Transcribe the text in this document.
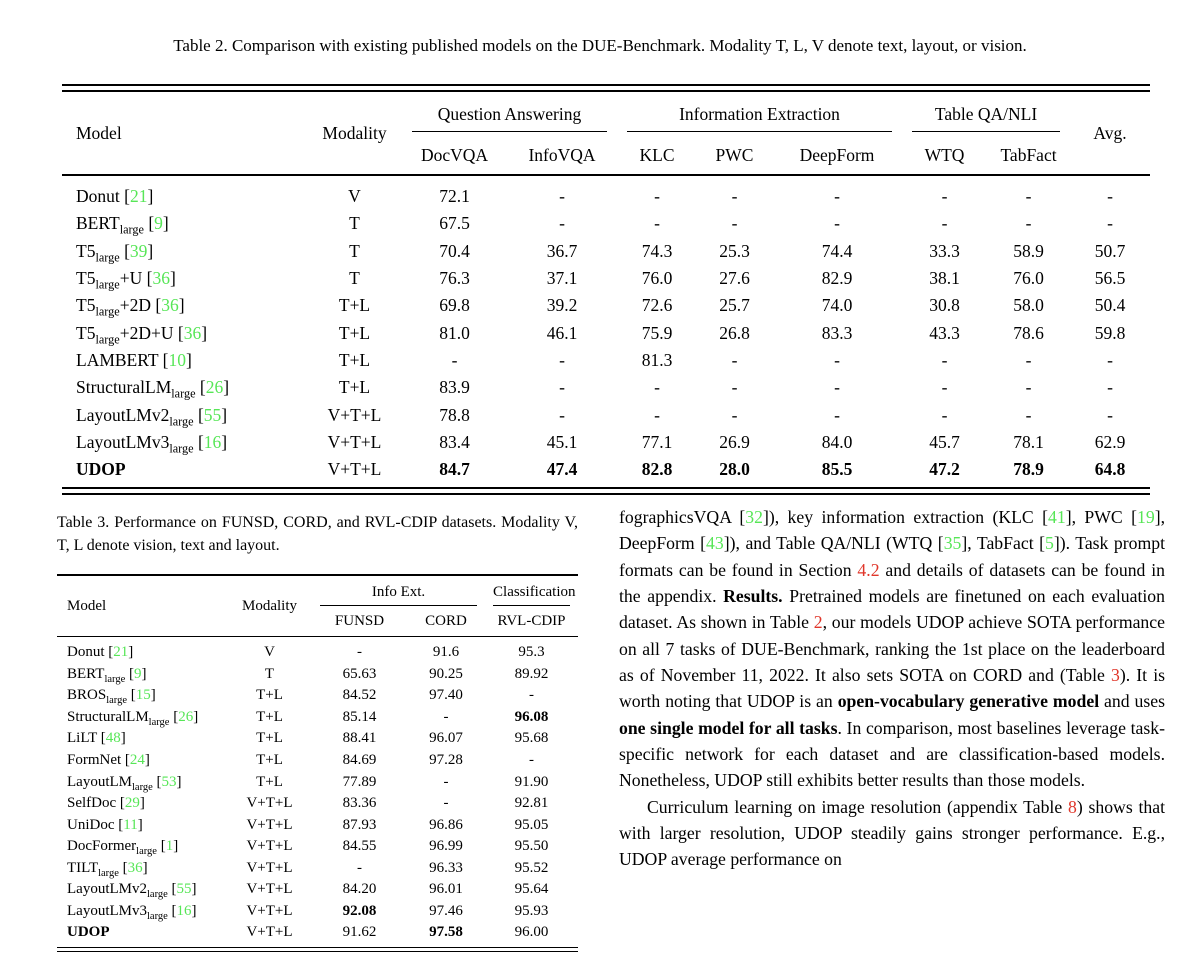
Table 2. Comparison with existing published models on the DUE-Benchmark. Modality T, L, V denote text, layout, or vision.
Model	Modality	Question Answering		Information Extraction			Table QA/NLI		Avg.
		DocVQA	InfoVQA	KLC	PWC	DeepForm	WTQ	TabFact	
Donut [21]	V	72.1	-	-	-	-	-	-	-
$BERT_{large}$ [9]	T	67.5	-	-	-	-	-	-	-
$T5_{large}$ [39]	T	70.4	36.7	74.3	25.3	74.4	33.3	58.9	50.7
$T5_{large}+U$ [36]	T	76.3	37.1	76.0	27.6	82.9	38.1	76.0	56.5
$T5_{large}+2D$ [36]	T+L	69.8	39.2	72.6	25.7	74.0	30.8	58.0	50.4
$T5_{large}+2D+U$ [36]	T+L	81.0	46.1	75.9	26.8	83.3	43.3	78.6	59.8
LAMBERT [10]	T+L	-	-	81.3	-	-	-	-	-
StructuralLM$_{large}$ [26]	T+L	83.9	-	-	-	-	-	-	-
$LayoutLMv2_{large}$ [55]	V+T+L	78.8	-	-	-	-	-	-	-
$LayoutLMv3_{large}$ [16]	V+T+L	83.4	45.1	77.1	26.9	84.0	45.7	78.1	62.9
UDOP	V+T+L	84.7	47.4	82.8	28.0	85.5	47.2	78.9	64.8
Table 3. Performance on FUNSD, CORD, and RVL-CDIP datasets. Modality V, T, L denote vision, text and layout.
Model	Modality	Info Ext.		Classification

		FUNSD	CORD	RVL-CDIP
Donut [21]	V	-	91.6	95.3
$BERT_{large}$ [9]	T	65.63	90.25	89.92
$BROS_{large}$ [15]	T+L	84.52	97.40	-
StructuralLM$_{large}$ [26]	T+L	85.14	-	96.08
LiLT [48]	T+L	88.41	96.07	95.68
FormNet [24]	T+L	84.69	97.28	-
LayoutLM$_{large}$ [53]	T+L	77.89	-	91.90
SelfDoc [29]	V+T+L	83.36	-	92.81
UniDoc [11]	V+T+L	87.93	96.86	95.05
DocFormer$_{large}$ [1]	V+T+L	84.55	96.99	95.50
$TILT_{large}$ [36]	V+T+L	-	96.33	95.52
$LayoutLMv2_{large}$ [55]	V+T+L	84.20	96.01	95.64
$LayoutLMv3_{large}$ [16]	V+T+L	92.08	97.46	95.93
UDOP	V+T+L	91.62	97.58	96.00

fographicsVQA [32]), key information extraction (KLC [41], PWC [19], DeepForm [43]), and Table QA/NLI (WTQ [35], TabFact [5]). Task prompt formats can be found in Section 4.2 and details of datasets can be found in the appendix. Results. Pretrained models are finetuned on each evaluation dataset. As shown in Table 2, our models UDOP achieve SOTA performance on all 7 tasks of DUE-Benchmark, ranking the 1st place on the leaderboard as of November 11, 2022. It also sets SOTA on CORD and (Table 3). It is worth noting that UDOP is an open-vocabulary generative model and uses one single model for all tasks. In comparison, most baselines leverage task-specific network for each dataset and are classification-based models. Nonetheless, UDOP still exhibits better results than those models.

Curriculum learning on image resolution (appendix Table 8) shows that with larger resolution, UDOP steadily gains stronger performance. E.g., UDOP average performance on
